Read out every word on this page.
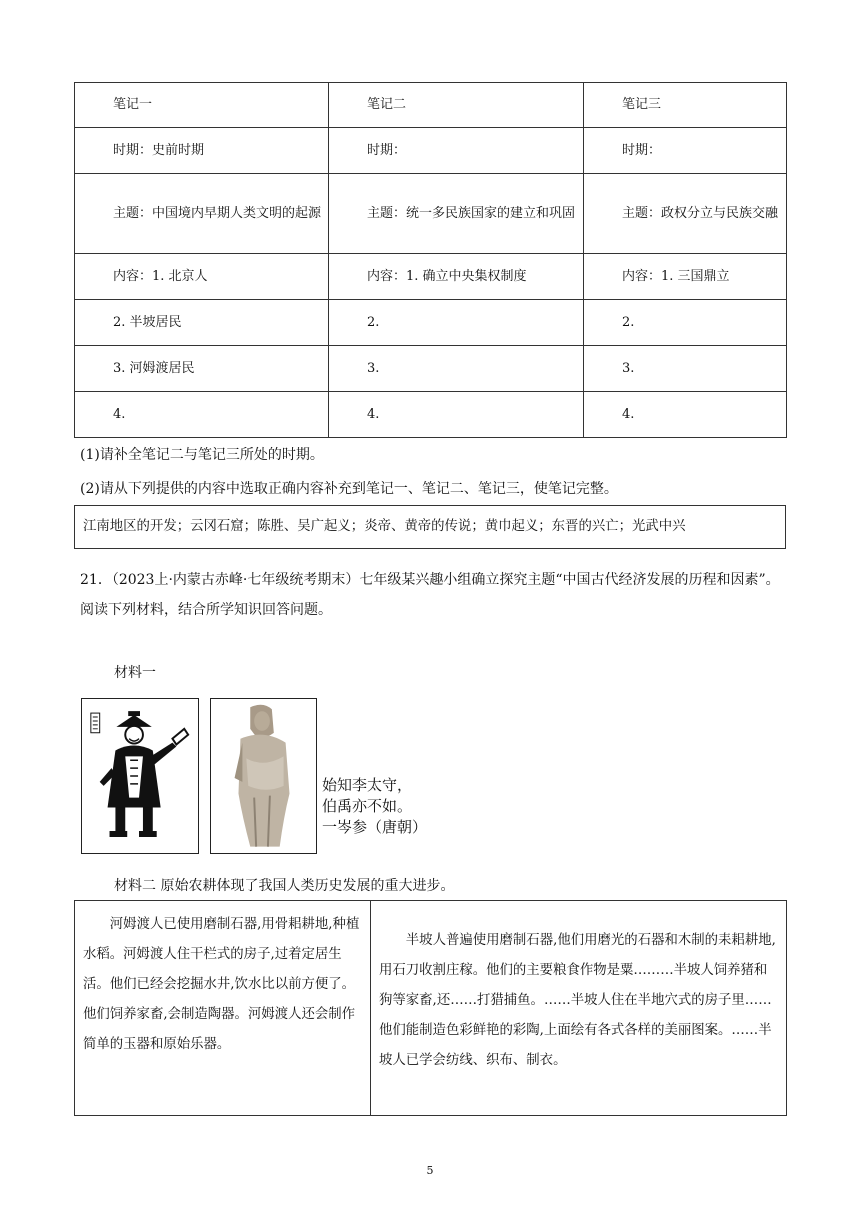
笔记一	笔记二	笔记三
时期：史前时期	时期：	时期：
主题：中国境内早期人类文明的起源	主题：统一多民族国家的建立和巩固	主题：政权分立与民族交融
内容：1. 北京人	内容：1. 确立中央集权制度	内容：1. 三国鼎立
2. 半坡居民	2.	2.
3. 河姆渡居民	3.	3.
4.	4.	4.
(1)请补全笔记二与笔记三所处的时期。
(2)请从下列提供的内容中选取正确内容补充到笔记一、笔记二、笔记三，使笔记完整。
江南地区的开发；云冈石窟；陈胜、吴广起义；炎帝、黄帝的传说；黄巾起义；东晋的兴亡；光武中兴
21．（2023上·内蒙古赤峰·七年级统考期末）七年级某兴趣小组确立探究主题“中国古代经济发展的历程和因素”。阅读下列材料，结合所学知识回答问题。
材料一
始知李太守，
伯禹亦不如。
一岑参（唐朝）
材料二 原始农耕体现了我国人类历史发展的重大进步。
河姆渡人已使用磨制石器,用骨耜耕地,种植水稻。河姆渡人住干栏式的房子,过着定居生活。他们已经会挖掘水井,饮水比以前方便了。他们饲养家畜,会制造陶器。河姆渡人还会制作简单的玉器和原始乐器。

半坡人普遍使用磨制石器,他们用磨光的石器和木制的耒耜耕地,用石刀收割庄稼。他们的主要粮食作物是粟………半坡人饲养猪和狗等家畜,还……打猎捕鱼。……半坡人住在半地穴式的房子里……他们能制造色彩鲜艳的彩陶,上面绘有各式各样的美丽图案。……半坡人已学会纺线、织布、制衣。
5
